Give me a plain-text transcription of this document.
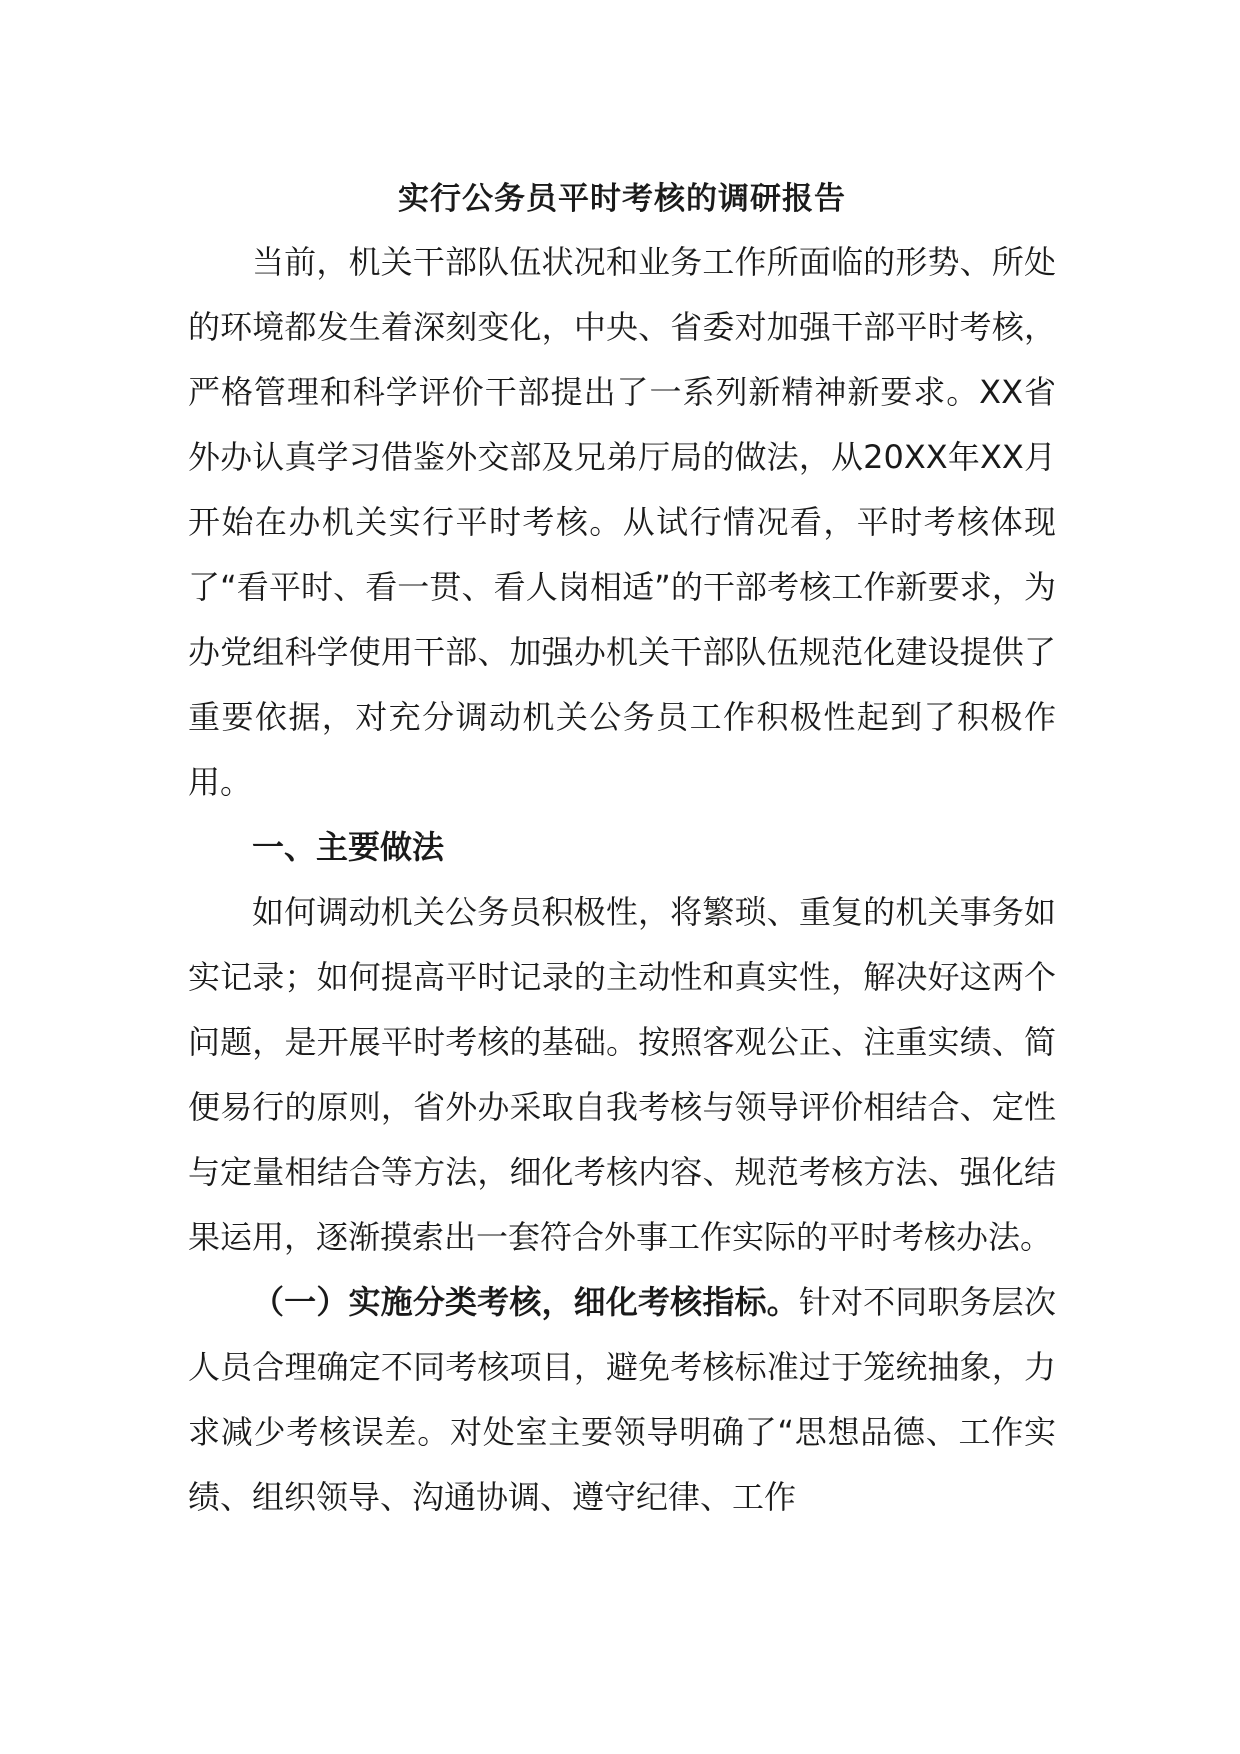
实行公务员平时考核的调研报告

当前，机关干部队伍状况和业务工作所面临的形势、所处的环境都发生着深刻变化，中央、省委对加强干部平时考核，严格管理和科学评价干部提出了一系列新精神新要求。XX省外办认真学习借鉴外交部及兄弟厅局的做法，从20XX年XX月开始在办机关实行平时考核。从试行情况看，平时考核体现了“看平时、看一贯、看人岗相适”的干部考核工作新要求，为办党组科学使用干部、加强办机关干部队伍规范化建设提供了重要依据，对充分调动机关公务员工作积极性起到了积极作用。

一、主要做法

如何调动机关公务员积极性，将繁琐、重复的机关事务如实记录；如何提高平时记录的主动性和真实性，解决好这两个问题，是开展平时考核的基础。按照客观公正、注重实绩、简便易行的原则，省外办采取自我考核与领导评价相结合、定性与定量相结合等方法，细化考核内容、规范考核方法、强化结果运用，逐渐摸索出一套符合外事工作实际的平时考核办法。

（一）实施分类考核，细化考核指标。针对不同职务层次人员合理确定不同考核项目，避免考核标准过于笼统抽象，力求减少考核误差。对处室主要领导明确了“思想品德、工作实绩、组织领导、沟通协调、遵守纪律、工作
